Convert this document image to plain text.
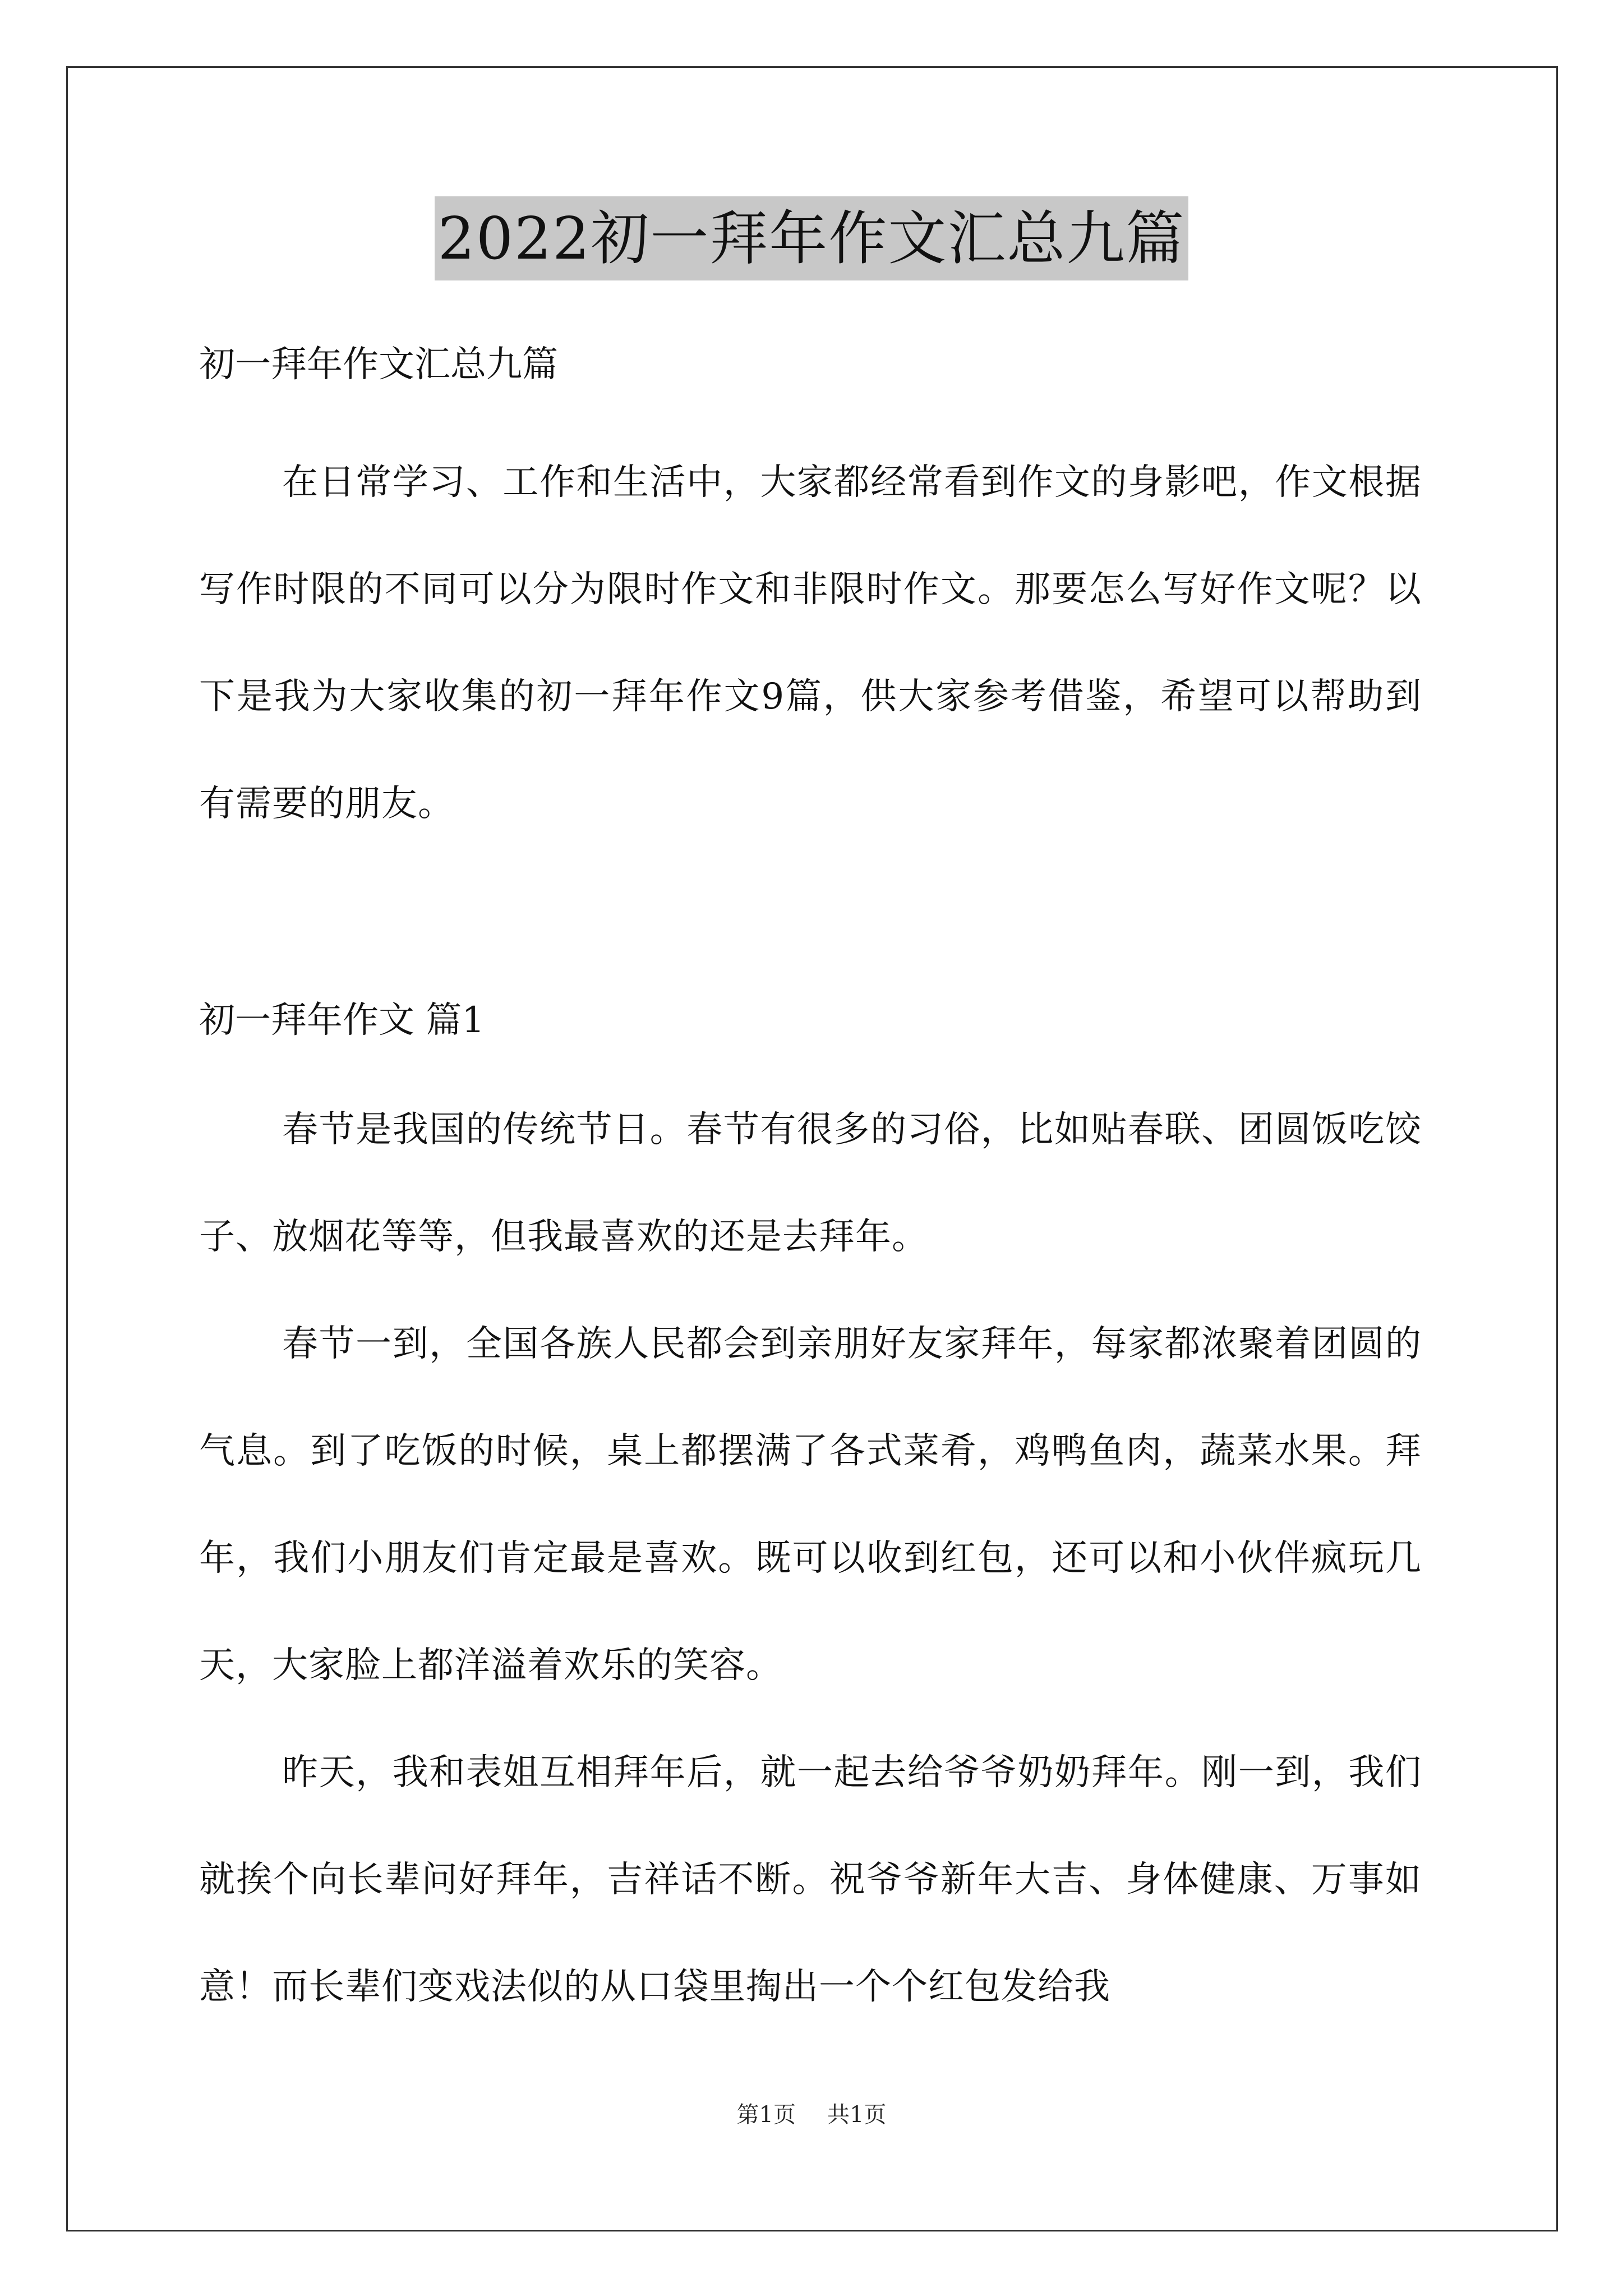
2022初一拜年作文汇总九篇

初一拜年作文汇总九篇

在日常学习、工作和生活中，大家都经常看到作文的身影吧，作文根据写作时限的不同可以分为限时作文和非限时作文。那要怎么写好作文呢？以下是我为大家收集的初一拜年作文9篇，供大家参考借鉴，希望可以帮助到有需要的朋友。

初一拜年作文 篇1

春节是我国的传统节日。春节有很多的习俗，比如贴春联、团圆饭吃饺子、放烟花等等，但我最喜欢的还是去拜年。

春节一到，全国各族人民都会到亲朋好友家拜年，每家都浓聚着团圆的气息。到了吃饭的时候，桌上都摆满了各式菜肴，鸡鸭鱼肉，蔬菜水果。拜年，我们小朋友们肯定最是喜欢。既可以收到红包，还可以和小伙伴疯玩几天，大家脸上都洋溢着欢乐的笑容。

昨天，我和表姐互相拜年后，就一起去给爷爷奶奶拜年。刚一到，我们就挨个向长辈问好拜年，吉祥话不断。祝爷爷新年大吉、身体健康、万事如意！而长辈们变戏法似的从口袋里掏出一个个红包发给我

第1页 共1页
